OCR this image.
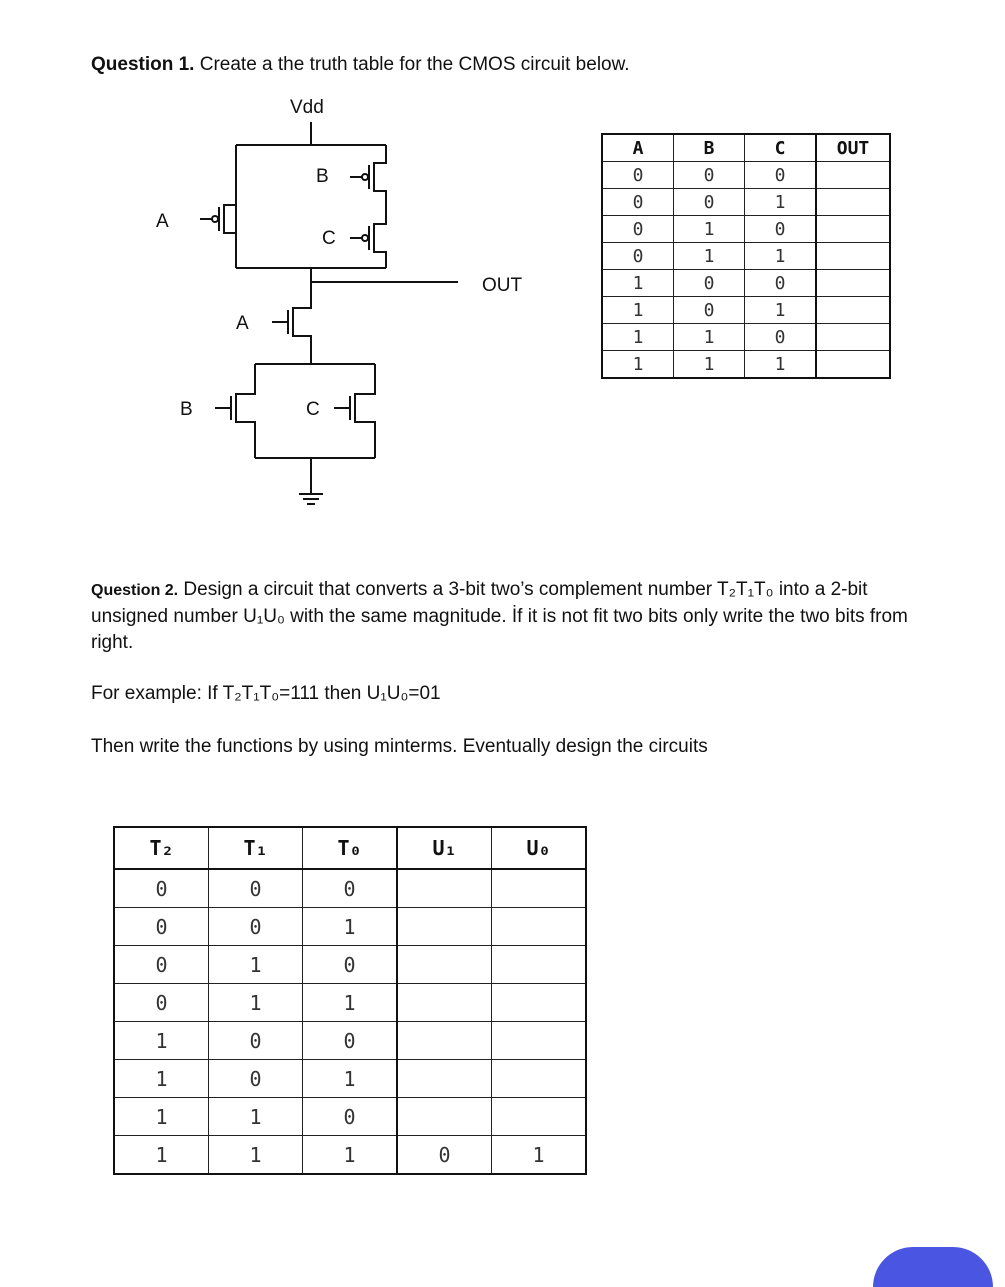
Question 1. Create a the truth table for the CMOS circuit below.
Vdd
A
B
C
OUT
A
B	C
A	B	C	OUT
0	0	0	
0	0	1	
0	1	0	
0	1	1	
1	0	0	
1	0	1	
1	1	0	
1	1	1	
Question 2. Design a circuit that converts a 3-bit two’s complement number T₂T₁T₀ into a 2-bit unsigned number U₁U₀ with the same magnitude. İf it is not fit two bits only write the two bits from right.
For example: If T₂T₁T₀=111 then U₁U₀=01
Then write the functions by using minterms. Eventually design the circuits
T₂	T₁	T₀	U₁	U₀
0	0	0		
0	0	1		
0	1	0		
0	1	1		
1	0	0		
1	0	1		
1	1	0		
1	1	1	0	1
